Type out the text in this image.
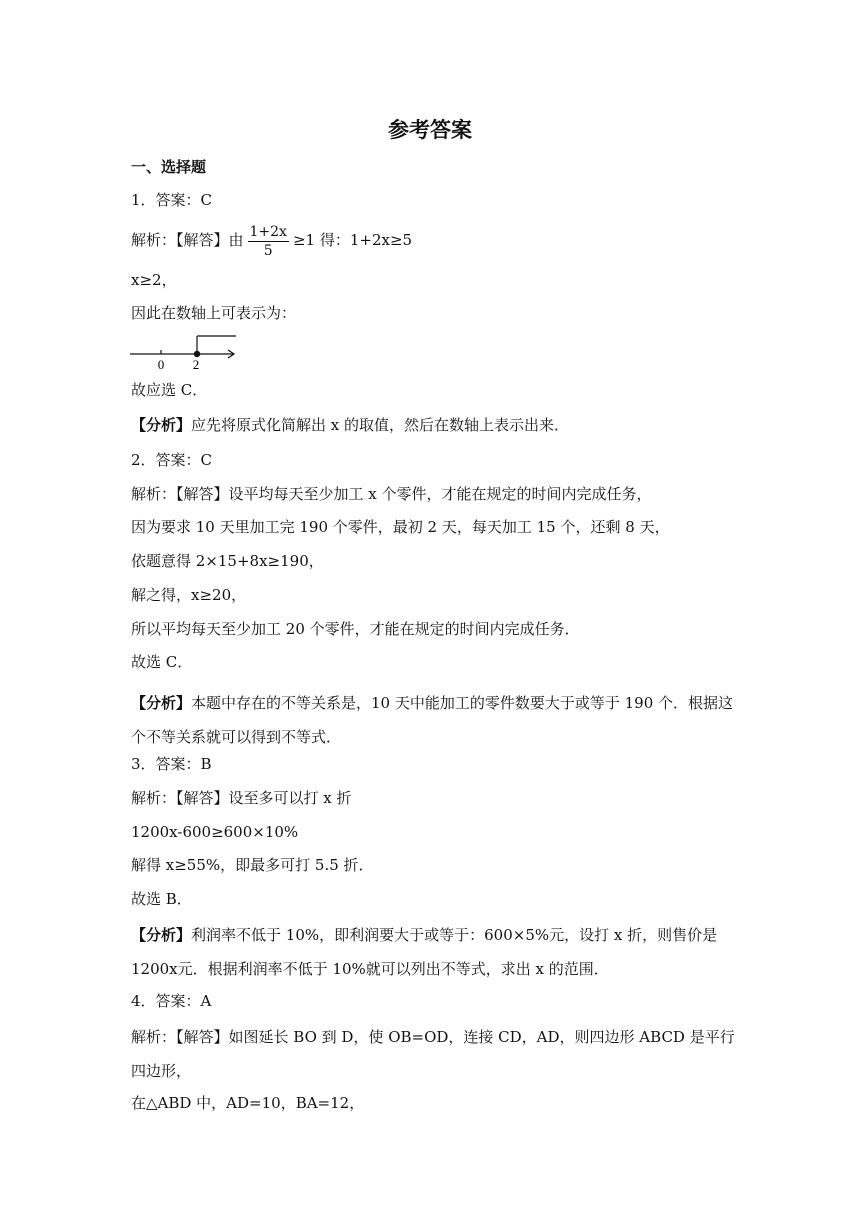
参考答案
一、选择题
1．答案：C
解析：【解答】由 $\frac{1+2x}{5} \ge 1$ 得：1+2x≥5
x≥2，
因此在数轴上可表示为：
0 2
故应选 C．
【分析】应先将原式化简解出 x 的取值，然后在数轴上表示出来．
2．答案：C
解析：【解答】设平均每天至少加工 x 个零件，才能在规定的时间内完成任务，
因为要求 10 天里加工完 190 个零件，最初 2 天，每天加工 15 个，还剩 8 天，
依题意得 2×15+8x≥190，
解之得，x≥20，
所以平均每天至少加工 20 个零件，才能在规定的时间内完成任务．
故选 C．
【分析】本题中存在的不等关系是，10 天中能加工的零件数要大于或等于 190 个．根据这个不等关系就可以得到不等式．
3．答案：B
解析：【解答】设至多可以打 x 折
1200x-600≥600×10%
解得 x≥55%，即最多可打 5.5 折．
故选 B．
【分析】利润率不低于 10%，即利润要大于或等于：600×5%元，设打 x 折，则售价是 1200x元．根据利润率不低于 10%就可以列出不等式，求出 x 的范围．
4．答案：A
解析：【解答】如图延长 BO 到 D，使 OB=OD，连接 CD，AD，则四边形 ABCD 是平行四边形，
在△ABD 中，AD=10，BA=12，
